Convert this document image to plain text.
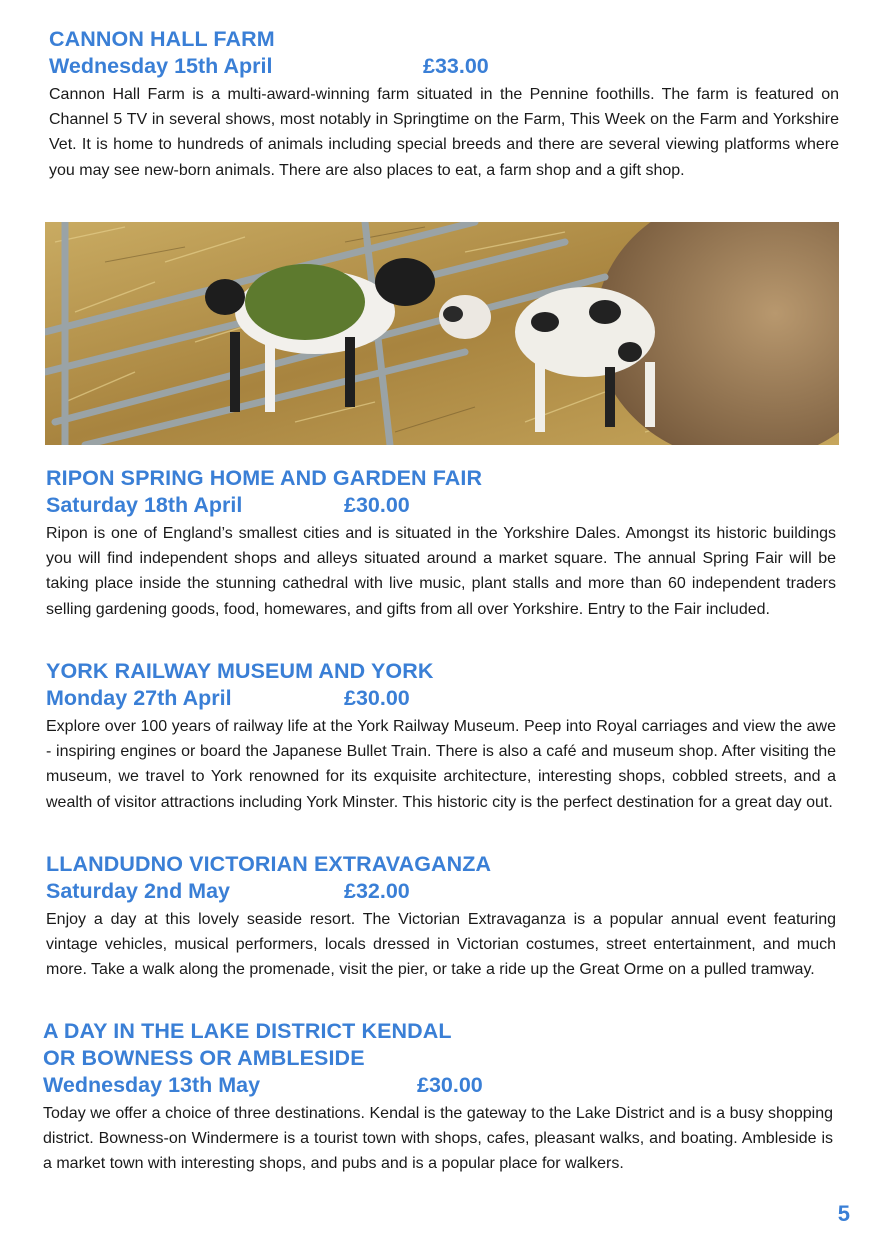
CANNON HALL FARM
Wednesday 15th April	£33.00

Cannon Hall Farm is a multi-award-winning farm situated in the Pennine foothills. The farm is featured on Channel 5 TV in several shows, most notably in Springtime on the Farm, This Week on the Farm and Yorkshire Vet. It is home to hundreds of animals including special breeds and there are several viewing platforms where you may see new-born animals. There are also places to eat, a farm shop and a gift shop.

RIPON SPRING HOME AND GARDEN FAIR
Saturday 18th April	£30.00

Ripon is one of England’s smallest cities and is situated in the Yorkshire Dales. Amongst its historic buildings you will find independent shops and alleys situated around a market square. The annual Spring Fair will be taking place inside the stunning cathedral with live music, plant stalls and more than 60 independent traders selling gardening goods, food, homewares, and gifts from all over Yorkshire. Entry to the Fair included.

YORK RAILWAY MUSEUM AND YORK
Monday 27th April	£30.00

Explore over 100 years of railway life at the York Railway Museum. Peep into Royal carriages and view the awe - inspiring engines or board the Japanese Bullet Train. There is also a café and museum shop. After visiting the museum, we travel to York renowned for its exquisite architecture, interesting shops, cobbled streets, and a wealth of visitor attractions including York Minster. This historic city is the perfect destination for a great day out.

LLANDUDNO VICTORIAN EXTRAVAGANZA
Saturday 2nd May	£32.00

Enjoy a day at this lovely seaside resort. The Victorian Extravaganza is a popular annual event featuring vintage vehicles, musical performers, locals dressed in Victorian costumes, street entertainment, and much more. Take a walk along the promenade, visit the pier, or take a ride up the Great Orme on a pulled tramway.

A DAY IN THE LAKE DISTRICT KENDAL
OR BOWNESS OR AMBLESIDE
Wednesday 13th May	£30.00

Today we offer a choice of three destinations. Kendal is the gateway to the Lake District and is a busy shopping district. Bowness-on Windermere is a tourist town with shops, cafes, pleasant walks, and boating. Ambleside is a market town with interesting shops, and pubs and is a popular place for walkers.

5
